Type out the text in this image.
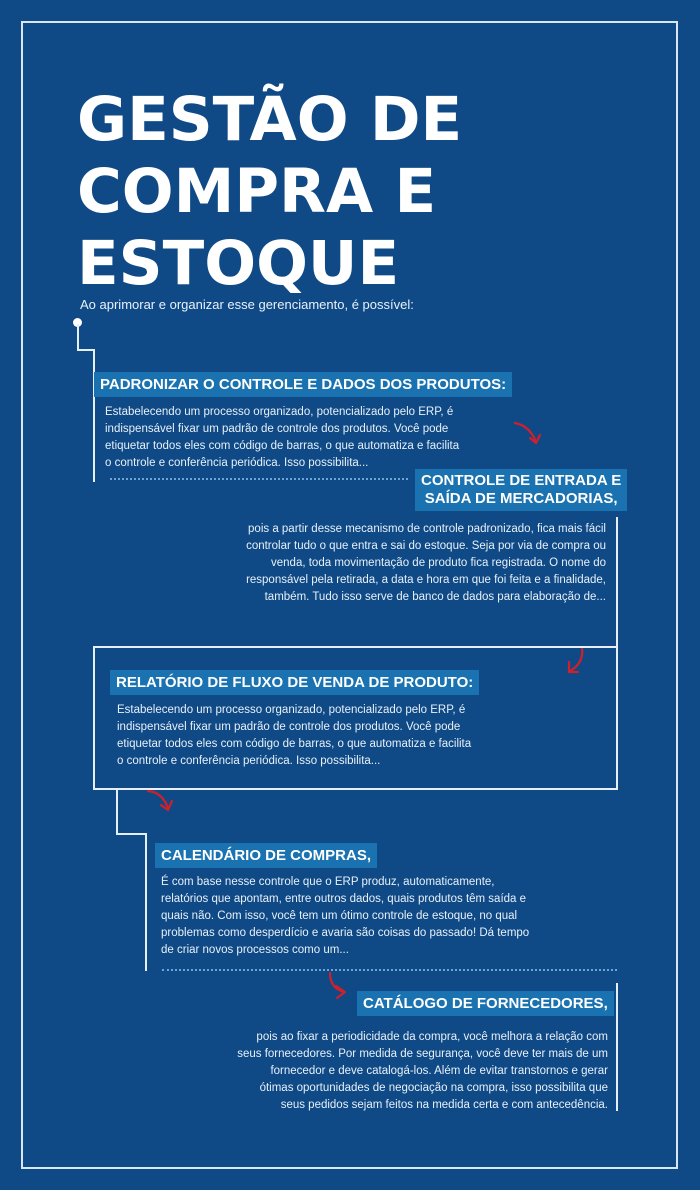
GESTÃO DE
COMPRA E
ESTOQUE

Ao aprimorar e organizar esse gerenciamento, é possível:

PADRONIZAR O CONTROLE E DADOS DOS PRODUTOS:

Estabelecendo um processo organizado, potencializado pelo ERP, é indispensável fixar um padrão de controle dos produtos. Você pode etiquetar todos eles com código de barras, o que automatiza e facilita o controle e conferência periódica. Isso possibilita...

CONTROLE DE ENTRADA E
SAÍDA DE MERCADORIAS,

pois a partir desse mecanismo de controle padronizado, fica mais fácil controlar tudo o que entra e sai do estoque. Seja por via de compra ou venda, toda movimentação de produto fica registrada. O nome do responsável pela retirada, a data e hora em que foi feita e a finalidade, também. Tudo isso serve de banco de dados para elaboração de...

RELATÓRIO DE FLUXO DE VENDA DE PRODUTO:

Estabelecendo um processo organizado, potencializado pelo ERP, é indispensável fixar um padrão de controle dos produtos. Você pode etiquetar todos eles com código de barras, o que automatiza e facilita o controle e conferência periódica. Isso possibilita...

CALENDÁRIO DE COMPRAS,

É com base nesse controle que o ERP produz, automaticamente, relatórios que apontam, entre outros dados, quais produtos têm saída e quais não. Com isso, você tem um ótimo controle de estoque, no qual problemas como desperdício e avaria são coisas do passado! Dá tempo de criar novos processos como um...

CATÁLOGO DE FORNECEDORES,

pois ao fixar a periodicidade da compra, você melhora a relação com seus fornecedores. Por medida de segurança, você deve ter mais de um fornecedor e deve catalogá-los. Além de evitar transtornos e gerar ótimas oportunidades de negociação na compra, isso possibilita que seus pedidos sejam feitos na medida certa e com antecedência.
